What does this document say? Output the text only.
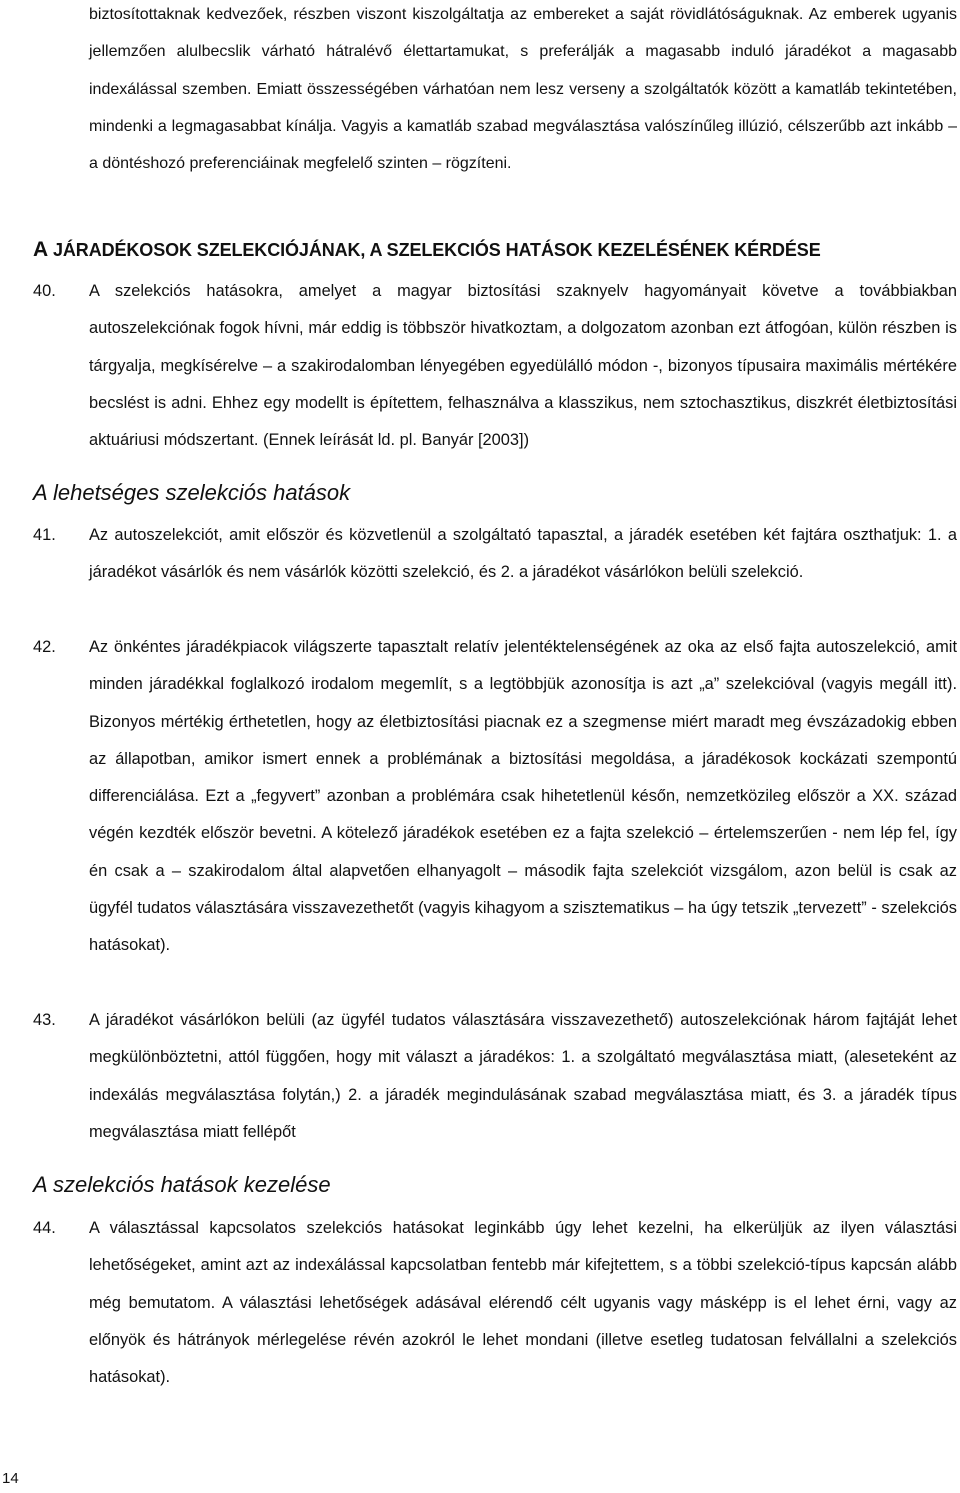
biztosítottaknak kedvezőek, részben viszont kiszolgáltatja az embereket a saját rövidlátóságuknak. Az emberek ugyanis jellemzően alulbecslik várható hátralévő élettartamukat, s preferálják a magasabb induló járadékot a magasabb indexálással szemben. Emiatt összességében várhatóan nem lesz verseny a szolgáltatók között a kamatláb tekintetében, mindenki a legmagasabbat kínálja. Vagyis a kamatláb szabad megválasztása valószínűleg illúzió, célszerűbb azt inkább – a döntéshozó preferenciáinak megfelelő szinten – rögzíteni.

A JÁRADÉKOSOK SZELEKCIÓJÁNAK, A SZELEKCIÓS HATÁSOK KEZELÉSÉNEK KÉRDÉSE
40. A szelekciós hatásokra, amelyet a magyar biztosítási szaknyelv hagyományait követve a továbbiakban autoszelekciónak fogok hívni, már eddig is többször hivatkoztam, a dolgozatom azonban ezt átfogóan, külön részben is tárgyalja, megkísérelve – a szakirodalomban lényegében egyedülálló módon -, bizonyos típusaira maximális mértékére becslést is adni. Ehhez egy modellt is építettem, felhasználva a klasszikus, nem sztochasztikus, diszkrét életbiztosítási aktuáriusi módszertant. (Ennek leírását ld. pl. Banyár [2003])

A lehetséges szelekciós hatások
41. Az autoszelekciót, amit először és közvetlenül a szolgáltató tapasztal, a járadék esetében két fajtára oszthatjuk: 1. a járadékot vásárlók és nem vásárlók közötti szelekció, és 2. a járadékot vásárlókon belüli szelekció.

42. Az önkéntes járadékpiacok világszerte tapasztalt relatív jelentéktelenségének az oka az első fajta autoszelekció, amit minden járadékkal foglalkozó irodalom megemlít, s a legtöbbjük azonosítja is azt „a” szelekcióval (vagyis megáll itt). Bizonyos mértékig érthetetlen, hogy az életbiztosítási piacnak ez a szegmense miért maradt meg évszázadokig ebben az állapotban, amikor ismert ennek a problémának a biztosítási megoldása, a járadékosok kockázati szempontú differenciálása. Ezt a „fegyvert” azonban a problémára csak hihetetlenül későn, nemzetközileg először a XX. század végén kezdték először bevetni. A kötelező járadékok esetében ez a fajta szelekció – értelemszerűen - nem lép fel, így én csak a – szakirodalom által alapvetően elhanyagolt – második fajta szelekciót vizsgálom, azon belül is csak az ügyfél tudatos választására visszavezethetőt (vagyis kihagyom a szisztematikus – ha úgy tetszik „tervezett” - szelekciós hatásokat).

43. A járadékot vásárlókon belüli (az ügyfél tudatos választására visszavezethető) autoszelekciónak három fajtáját lehet megkülönböztetni, attól függően, hogy mit választ a járadékos: 1. a szolgáltató megválasztása miatt, (aleseteként az indexálás megválasztása folytán,) 2. a járadék megindulásának szabad megválasztása miatt, és 3. a járadék típus megválasztása miatt fellépőt

A szelekciós hatások kezelése
44. A választással kapcsolatos szelekciós hatásokat leginkább úgy lehet kezelni, ha elkerüljük az ilyen választási lehetőségeket, amint azt az indexálással kapcsolatban fentebb már kifejtettem, s a többi szelekció-típus kapcsán alább még bemutatom. A választási lehetőségek adásával elérendő célt ugyanis vagy másképp is el lehet érni, vagy az előnyök és hátrányok mérlegelése révén azokról le lehet mondani (illetve esetleg tudatosan felvállalni a szelekciós hatásokat).

14
